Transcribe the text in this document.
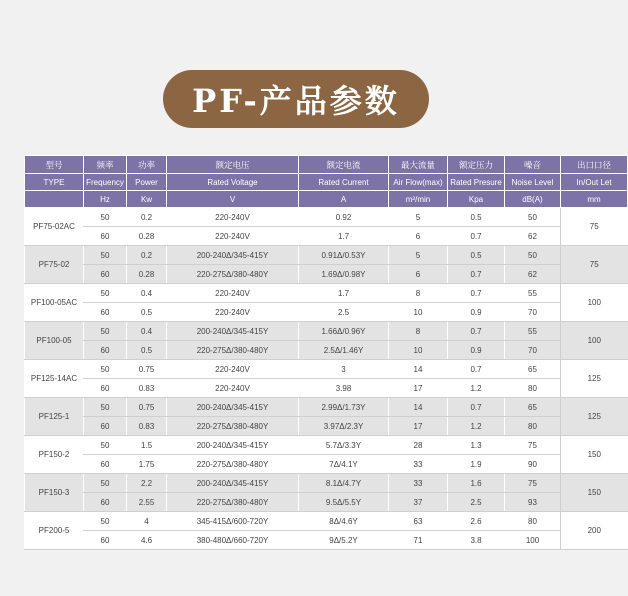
PF-产品参数
型号	频率	功率	额定电压	额定电流	最大流量	额定压力	噪音	出口口径
TYPE	Frequency	Power	Rated Voltage	Rated Current	Air Flow(max)	Rated Presure	Noise Level	In/Out Let
	Hz	Kw	V	A	m³/min	Kpa	dB(A)	mm
PF75-02AC	50	0.2	220-240V	0.92	5	0.5	50	75
	60	0.28	220-240V	1.7	6	0.7	62	
PF75-02	50	0.2	200-240Δ/345-415Y	0.91Δ/0.53Y	5	0.5	50	75
	60	0.28	220-275Δ/380-480Y	1.69Δ/0.98Y	6	0.7	62	
PF100-05AC	50	0.4	220-240V	1.7	8	0.7	55	100
	60	0.5	220-240V	2.5	10	0.9	70	
PF100-05	50	0.4	200-240Δ/345-415Y	1.66Δ/0.96Y	8	0.7	55	100
	60	0.5	220-275Δ/380-480Y	2.5Δ/1.46Y	10	0.9	70	
PF125-14AC	50	0.75	220-240V	3	14	0.7	65	125
	60	0.83	220-240V	3.98	17	1.2	80	
PF125-1	50	0.75	200-240Δ/345-415Y	2.99Δ/1.73Y	14	0.7	65	125
	60	0.83	220-275Δ/380-480Y	3.97Δ/2.3Y	17	1.2	80	
PF150-2	50	1.5	200-240Δ/345-415Y	5.7Δ/3.3Y	28	1.3	75	150
	60	1.75	220-275Δ/380-480Y	7Δ/4.1Y	33	1.9	90	
PF150-3	50	2.2	200-240Δ/345-415Y	8.1Δ/4.7Y	33	1.6	75	150
	60	2.55	220-275Δ/380-480Y	9.5Δ/5.5Y	37	2.5	93	
PF200-5	50	4	345-415Δ/600-720Y	8Δ/4.6Y	63	2.6	80	200
	60	4.6	380-480Δ/660-720Y	9Δ/5.2Y	71	3.8	100	
